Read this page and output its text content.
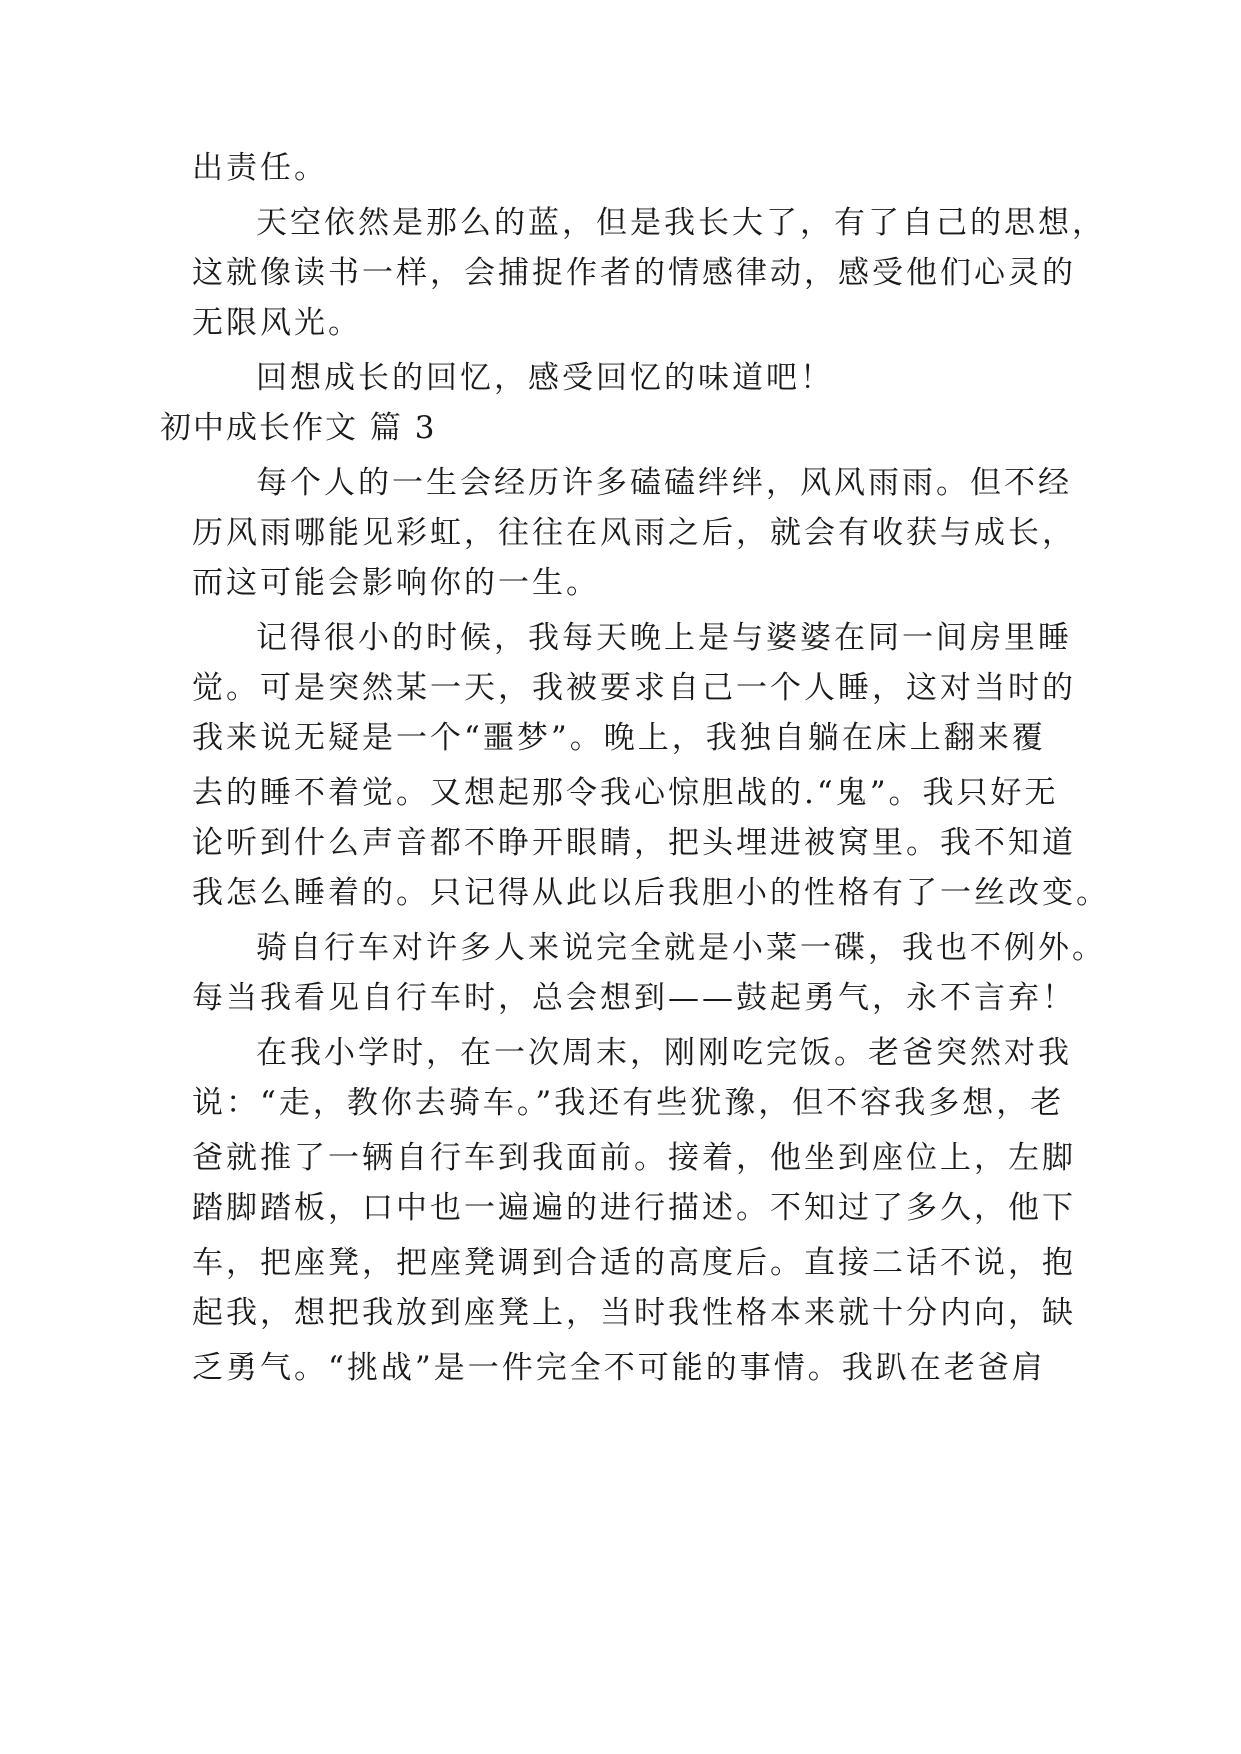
出责任。
天空依然是那么的蓝，但是我长大了，有了自己的思想，
这就像读书一样，会捕捉作者的情感律动，感受他们心灵的
无限风光。
回想成长的回忆，感受回忆的味道吧！
初中成长作文 篇 3
每个人的一生会经历许多磕磕绊绊，风风雨雨。但不经
历风雨哪能见彩虹，往往在风雨之后，就会有收获与成长，
而这可能会影响你的一生。
记得很小的时候，我每天晚上是与婆婆在同一间房里睡
觉。可是突然某一天，我被要求自己一个人睡，这对当时的
我来说无疑是一个“噩梦”。晚上，我独自躺在床上翻来覆
去的睡不着觉。又想起那令我心惊胆战的.“鬼”。我只好无
论听到什么声音都不睁开眼睛，把头埋进被窝里。我不知道
我怎么睡着的。只记得从此以后我胆小的性格有了一丝改变。
骑自行车对许多人来说完全就是小菜一碟，我也不例外。
每当我看见自行车时，总会想到——鼓起勇气，永不言弃！
在我小学时，在一次周末，刚刚吃完饭。老爸突然对我
说：“走，教你去骑车。”我还有些犹豫，但不容我多想，老
爸就推了一辆自行车到我面前。接着，他坐到座位上，左脚
踏脚踏板，口中也一遍遍的进行描述。不知过了多久，他下
车，把座凳，把座凳调到合适的高度后。直接二话不说，抱
起我，想把我放到座凳上，当时我性格本来就十分内向，缺
乏勇气。“挑战”是一件完全不可能的事情。我趴在老爸肩
